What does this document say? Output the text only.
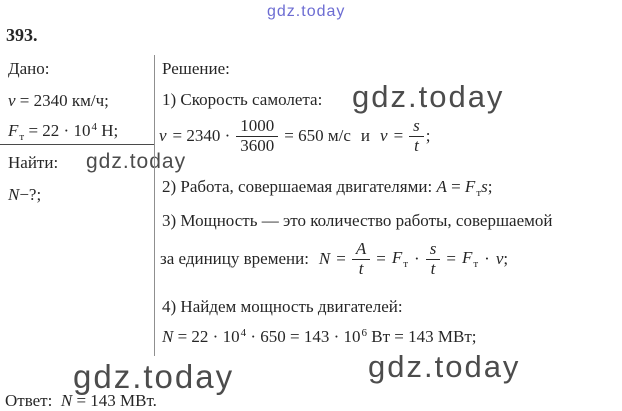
gdz.today
gdz.today
gdz.today
gdz.today	gdz.today
393.
Дано:
v = 2340 км/ч;
$F_т = 22 \cdot 10^4$ Н;
Найти:
N−?;
Решение:
1) Скорость самолета:
$v = 2340 \cdot \frac{1000}{3600} = 650$ м/с и $v = \frac{s}{t}$ ;
2) Работа, совершаемая двигателями: $A = F_тs$;
3) Мощность — это количество работы, совершаемой
за единицу времени: $N = \frac{A}{t} = F_т \cdot \frac{s}{t} = F_т \cdot v$;
4) Найдем мощность двигателей:
$N = 22 \cdot 10^4 \cdot 650 = 143 \cdot 10^6$ Вт = 143 МВт;
Ответ: N = 143 МВт.
